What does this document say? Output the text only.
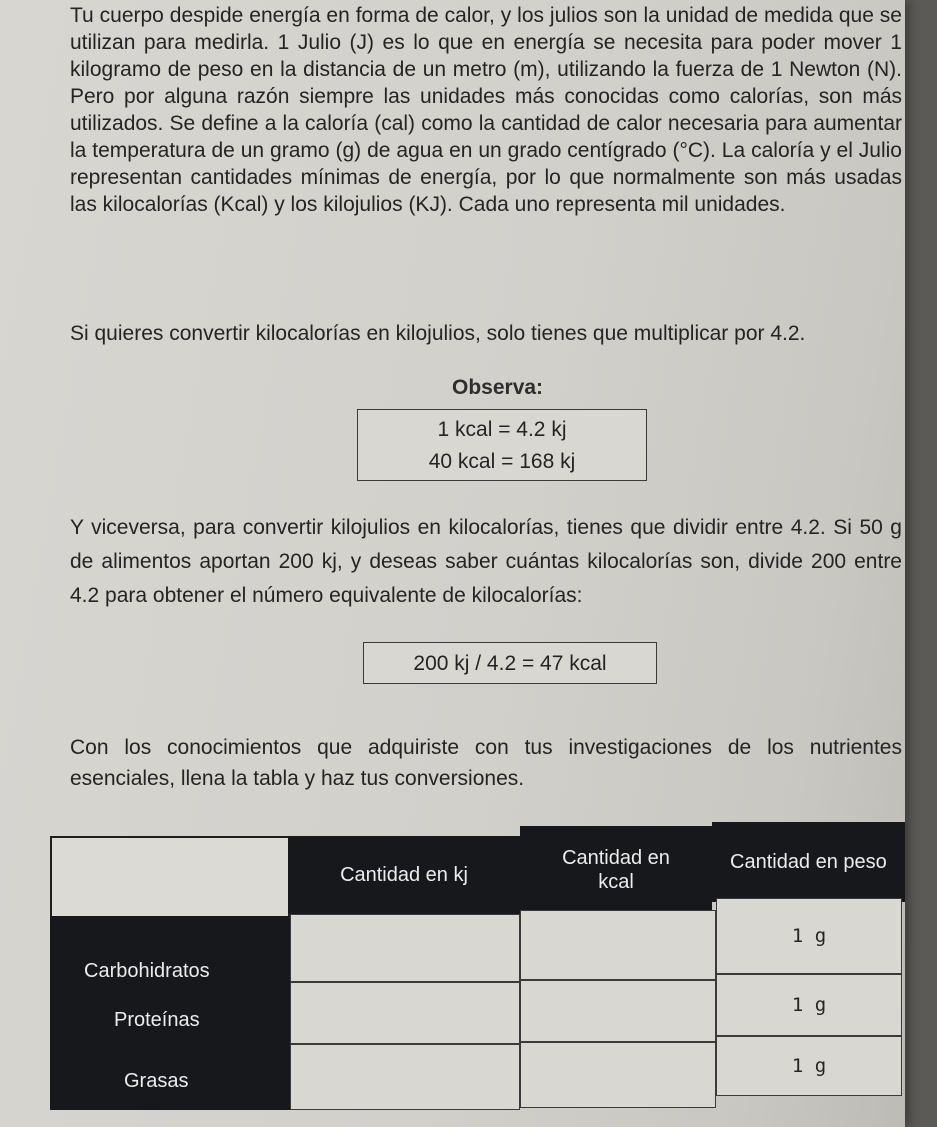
Tu cuerpo despide energía en forma de calor, y los julios son la unidad de medida que se utilizan para medirla. 1 Julio (J) es lo que en energía se necesita para poder mover 1 kilogramo de peso en la distancia de un metro (m), utilizando la fuerza de 1 Newton (N). Pero por alguna razón siempre las unidades más conocidas como calorías, son más utilizados. Se define a la caloría (cal) como la cantidad de calor necesaria para aumentar la temperatura de un gramo (g) de agua en un grado centígrado (°C). La caloría y el Julio representan cantidades mínimas de energía, por lo que normalmente son más usadas las kilocalorías (Kcal) y los kilojulios (KJ). Cada uno representa mil unidades.

Si quieres convertir kilocalorías en kilojulios, solo tienes que multiplicar por 4.2.

Observa:
1 kcal = 4.2 kj
40 kcal = 168 kj

Y viceversa, para convertir kilojulios en kilocalorías, tienes que dividir entre 4.2. Si 50 g de alimentos aportan 200 kj, y deseas saber cuántas kilocalorías son, divide 200 entre 4.2 para obtener el número equivalente de kilocalorías:

200 kj / 4.2 = 47 kcal

Con los conocimientos que adquiriste con tus investigaciones de los nutrientes esenciales, llena la tabla y haz tus conversiones.

Cantidad en kj
Cantidad en
kcal
Cantidad en peso
Carbohidratos
Proteínas
Grasas
1 g
1 g
1 g
